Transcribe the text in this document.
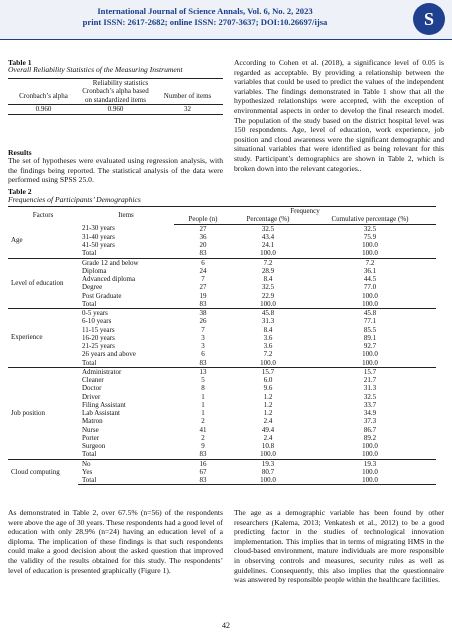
International Journal of Science Annals, Vol. 6, No. 2, 2023
print ISSN: 2617-2682; online ISSN: 2707-3637; DOI:10.26697/ijsa	S
Table 1
Overall Reliability Statistics of the Measuring Instrument
Reliability statistics		
Cronbach’s alpha	Cronbach’s alpha based on standardized items	Number of items
0.960	0.960	32
Results
The set of hypotheses were evaluated using regression analysis, with the findings being reported. The statistical analysis of the data were performed using SPSS 25.0.
Table 2
Frequencies of Participants’ Demographics
According to Cohen et al. (2018), a significance level of 0.05 is regarded as acceptable. By providing a relationship between the variables that could be used to predict the values of the independent variables. The findings demonstrated in Table 1 show that all the hypothesized relationships were accepted, with the exception of environmental aspects in order to develop the final research model. The population of the study based on the district hospital level was 150 respondents. Age, level of education, work experience, job position and cloud awareness were the significant demographic and situational variables that were identified as being relevant for this study. Participant’s demographics are shown in Table 2, which is broken down into the relevant categories..
Factors	Items	Frequency		
		People (n)	Percentage (%)	Cumulative percentage (%)
Age	21-30 years	27	32.5	32.5
	31-40 years	36	43.4	75.9
	41-50 years	20	24.1	100.0
	Total	83	100.0	100.0
Level of education	Grade 12 and below	6	7.2	7.2
	Diploma	24	28.9	36.1
	Advanced diploma	7	8.4	44.5
	Degree	27	32.5	77.0
	Post Graduate	19	22.9	100.0
	Total	83	100.0	100.0
Experience	0-5 years	38	45.8	45.8
	6-10 years	26	31.3	77.1
	11-15 years	7	8.4	85.5
	16-20 years	3	3.6	89.1
	21-25 years	3	3.6	92.7
	26 years and above	6	7.2	100.0
	Total	83	100.0	100.0
Job position	Administrator	13	15.7	15.7
	Cleaner	5	6.0	21.7
	Doctor	8	9.6	31.3
	Driver	1	1.2	32.5
	Filing Assistant	1	1.2	33.7
	Lab Assistant	1	1.2	34.9
	Matron	2	2.4	37.3
	Nurse	41	49.4	86.7
	Porter	2	2.4	89.2
	Surgeon	9	10.8	100.0
	Total	83	100.0	100.0
Cloud computing	No	16	19.3	19.3
	Yes	67	80.7	100.0
	Total	83	100.0	100.0
As demonstrated in Table 2, over 67.5% (n=56) of the respondents were above the age of 30 years. These respondents had a good level of education with only 28.9% (n=24) having an education level of a diploma. The implication of these findings is that such respondents could make a good decision about the asked question that improved the validity of the results obtained for this study. The respondents’ level of education is presented graphically (Figure 1).
The age as a demographic variable has been found by other researchers (Kalema, 2013; Venkatesh et al., 2012) to be a good predicting factor in the studies of technological innovation implementation. This implies that in terms of migrating HMS in the cloud-based environment, mature individuals are more responsible in observing controls and measures, security rules as well as guidelines. Consequently, this also implies that the questionnaire was answered by responsible people within the healthcare facilities.
42
